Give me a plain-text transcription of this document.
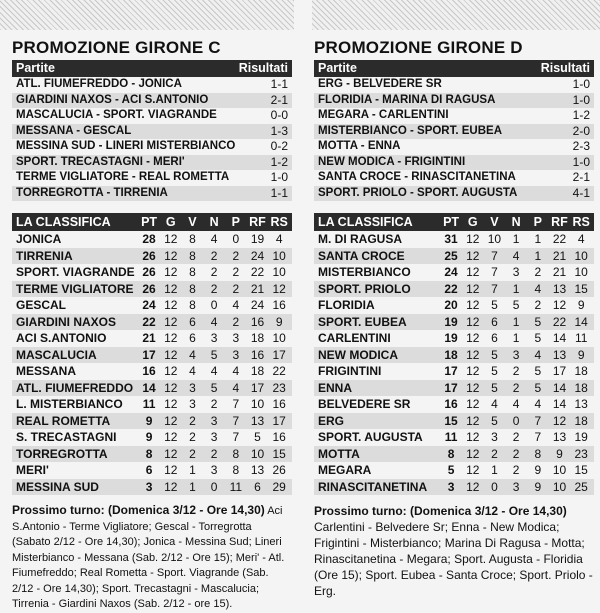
PROMOZIONE GIRONE C
Partite	Risultati
ATL. FIUMEFREDDO - JONICA	1-1
GIARDINI NAXOS - ACI S.ANTONIO	2-1
MASCALUCIA - SPORT. VIAGRANDE	0-0
MESSANA - GESCAL	1-3
MESSINA SUD - LINERI MISTERBIANCO	0-2
SPORT. TRECASTAGNI - MERI'	1-2
TERME VIGLIATORE - REAL ROMETTA	1-0
TORREGROTTA - TIRRENIA	1-1
LA CLASSIFICA	PT G	V	N	P RF RS
JONICA	28 12 8	4	0 19 4
TIRRENIA	26 12 8	2	2 24 10
SPORT. VIAGRANDE 26 12 8	2	2 22 10
TERME VIGLIATORE 26 12 8	2	2 21 12
GESCAL	24 12 8	0	4 24 16
GIARDINI NAXOS	22 12 6	4	2 16 9
ACI S.ANTONIO	21 12 6	3	3 18 10
MASCALUCIA	17 12 4	5	3 16 17
MESSANA	16 12 4	4	4 18 22
ATL. FIUMEFREDDO 14 12 3	5	4 17 23
L. MISTERBIANCO	11 12 3	2	7 10 16
REAL ROMETTA	9 12 2	3	7 13 17
S. TRECASTAGNI	9 12 2	3	7	5 16
TORREGROTTA	8 12 2	2	8 10 15
MERI'	6 12 1	3	8 13 26
MESSINA SUD	3 12 1	0	11	6 29
Prossimo turno: (Domenica 3/12 - Ore 14,30) Aci S.Antonio - Terme Vigliatore; Gescal - Torregrotta (Sabato 2/12 - Ore 14,30); Jonica - Messina Sud; Lineri Misterbianco - Messana (Sab. 2/12 - Ore 15); Meri' - Atl. Fiumefreddo; Real Rometta - Sport. Viagrande (Sab. 2/12 - Ore 14,30); Sport. Trecastagni - Mascalucia; Tirrenia - Giardini Naxos (Sab. 2/12 - ore 15).
PROMOZIONE GIRONE D
Partite	Risultati
ERG - BELVEDERE SR	1-0
FLORIDIA - MARINA DI RAGUSA	1-0
MEGARA - CARLENTINI	1-2
MISTERBIANCO - SPORT. EUBEA	2-0
MOTTA - ENNA	2-3
NEW MODICA - FRIGINTINI	1-0
SANTA CROCE - RINASCITANETINA	2-1
SPORT. PRIOLO - SPORT. AUGUSTA	4-1
LA CLASSIFICA	PT G	V	N	P RF RS
M. DI RAGUSA	31 12 10 1	1 22 4
SANTA CROCE	25 12 7	4	1 21 10
MISTERBIANCO	24 12 7	3	2 21 10
SPORT. PRIOLO	22 12 7	1	4 13 15
FLORIDIA	20 12 5	5	2 12 9
SPORT. EUBEA	19 12 6	1	5 22 14
CARLENTINI	19 12 6	1	5 14 11
NEW MODICA	18 12 5	3	4 13 9
FRIGINTINI	17 12 5	2	5 17 18
ENNA	17 12 5	2	5 14 18
BELVEDERE SR	16 12 4	4	4 14 13
ERG	15 12 5	0	7 12 18
SPORT. AUGUSTA	11 12 3	2	7 13 19
MOTTA	8 12 2	2	8	9 23
MEGARA	5 12 1	2	9 10 15
RINASCITANETINA	3 12 0	3	9 10 25
Prossimo turno: (Domenica 3/12 - Ore 14,30) Carlentini - Belvedere Sr; Enna - New Modica; Frigintini - Misterbianco; Marina Di Ragusa - Motta; Rinascitanetina - Megara; Sport. Augusta - Floridia (Ore 15); Sport. Eubea - Santa Croce; Sport. Priolo - Erg.
